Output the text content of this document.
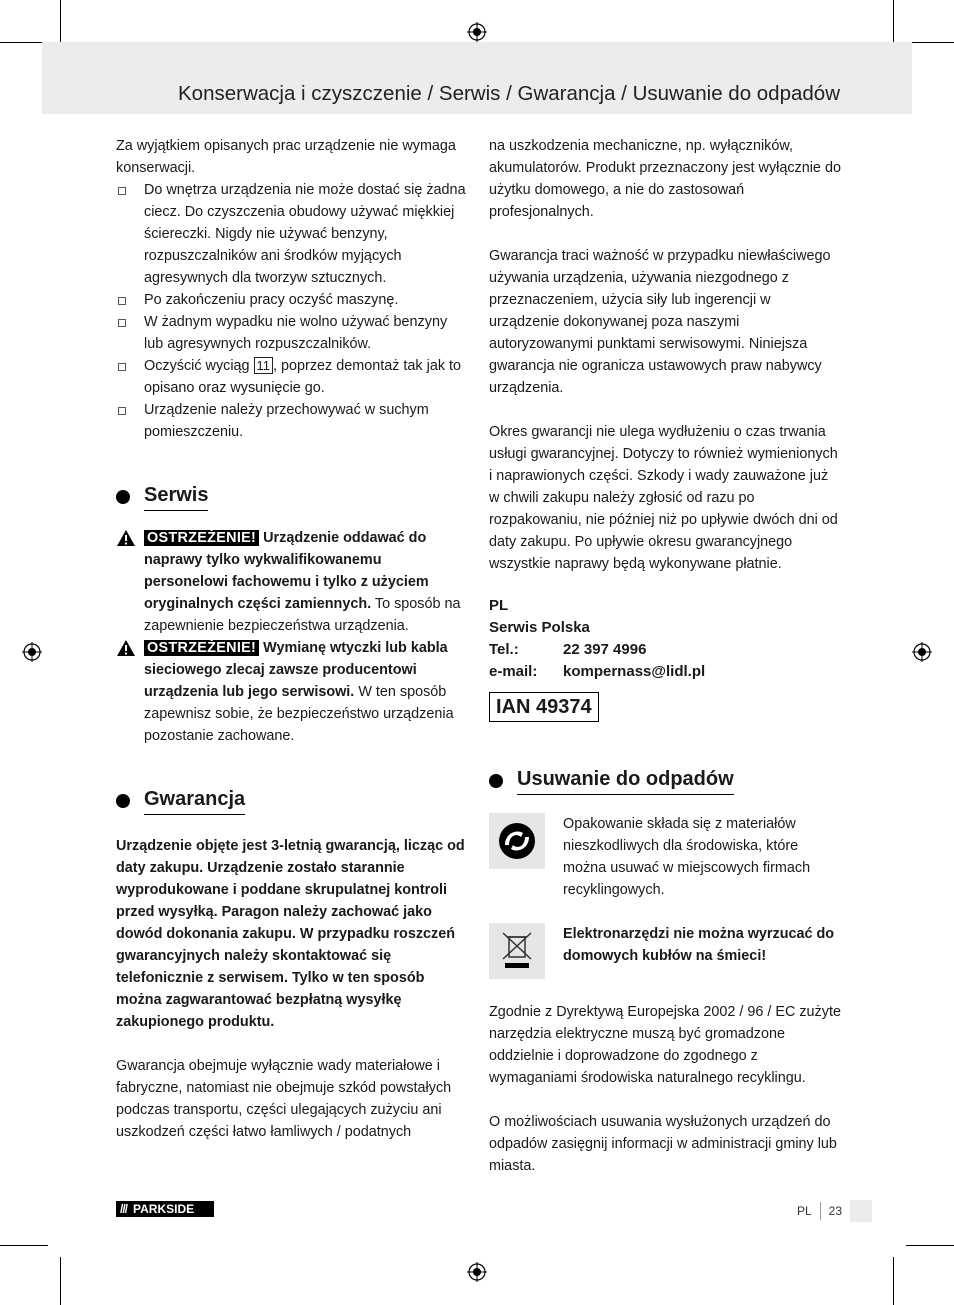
Konserwacja i czyszczenie / Serwis / Gwarancja / Usuwanie do odpadów

Za wyjątkiem opisanych prac urządzenie nie wymaga konserwacji.

Do wnętrza urządzenia nie może dostać się żadna ciecz. Do czyszczenia obudowy używać miękkiej ściereczki. Nigdy nie używać benzyny, rozpuszczalników ani środków myjących agresywnych dla tworzyw sztucznych.

Po zakończeniu pracy oczyść maszynę.

W żadnym wypadku nie wolno używać benzyny lub agresywnych rozpuszczalników.

Oczyścić wyciąg 11 , poprzez demontaż tak jak to opisano oraz wysunięcie go.

Urządzenie należy przechowywać w suchym pomieszczeniu.

Serwis
OSTRZEŻENIE! Urządzenie oddawać do naprawy tylko wykwalifikowanemu personelowi fachowemu i tylko z użyciem oryginalnych części zamiennych. To sposób na zapewnienie bezpieczeństwa urządzenia.
OSTRZEŻENIE! Wymianę wtyczki lub kabla sieciowego zlecaj zawsze producentowi urządzenia lub jego serwisowi. W ten sposób zapewnisz sobie, że bezpieczeństwo urządzenia pozostanie zachowane.
Gwarancja

Urządzenie objęte jest 3-letnią gwarancją, licząc od daty zakupu. Urządzenie zostało starannie wyprodukowane i poddane skrupulatnej kontroli przed wysyłką. Paragon należy zachować jako dowód dokonania zakupu. W przypadku roszczeń gwarancyjnych należy skontaktować się telefonicznie z serwisem. Tylko w ten sposób można zagwarantować bezpłatną wysyłkę zakupionego produktu.

Gwarancja obejmuje wyłącznie wady materiałowe i fabryczne, natomiast nie obejmuje szkód powstałych podczas transportu, części ulegających zużyciu ani uszkodzeń części łatwo łamliwych / podatnych

na uszkodzenia mechaniczne, np. wyłączników, akumulatorów. Produkt przeznaczony jest wyłącznie do użytku domowego, a nie do zastosowań profesjonalnych.

Gwarancja traci ważność w przypadku niewłaściwego używania urządzenia, używania niezgodnego z przeznaczeniem, użycia siły lub ingerencji w urządzenie dokonywanej poza naszymi autoryzowanymi punktami serwisowymi. Niniejsza gwarancja nie ogranicza ustawowych praw nabywcy urządzenia.

Okres gwarancji nie ulega wydłużeniu o czas trwania usługi gwarancyjnej. Dotyczy to również wymienionych i naprawionych części. Szkody i wady zauważone już w chwili zakupu należy zgłosić od razu po rozpakowaniu, nie później niż po upływie dwóch dni od daty zakupu. Po upływie okresu gwarancyjnego wszystkie naprawy będą wykonywane płatnie.

PL	
Serwis Polska	
Tel.:	22 397 4996
e-mail:	kompernass@lidl.pl
IAN 49374
Usuwanie do odpadów

Opakowanie składa się z materiałów nieszkodliwych dla środowiska, które można usuwać w miejscowych firmach recyklingowych.

Elektronarzędzi nie można wyrzucać do domowych kubłów na śmieci!

Zgodnie z Dyrektywą Europejska 2002 / 96 / EC zużyte narzędzia elektryczne muszą być gromadzone oddzielnie i doprowadzone do zgodnego z wymaganiami środowiska naturalnego recyklingu.

O możliwościach usuwania wysłużonych urządzeń do odpadów zasięgnij informacji w administracji gminy lub miasta.

/// PARKSIDE	PL 23
